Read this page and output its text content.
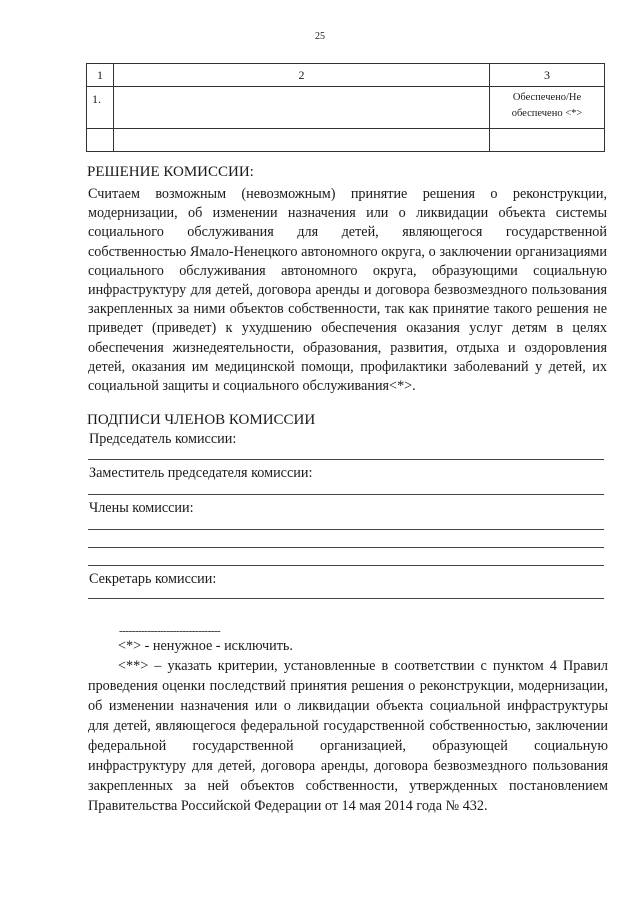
25
1	2	3
1.		Обеспечено/Не обеспечено <*>

РЕШЕНИЕ КОМИССИИ:
Считаем возможным (невозможным) принятие решения о реконструкции, модернизации, об изменении назначения или о ликвидации объекта системы социального обслуживания для детей, являющегося государственной собственностью Ямало-Ненецкого автономного округа, о заключении организациями социального обслуживания автономного округа, образующими социальную инфраструктуру для детей, договора аренды и договора безвозмездного пользования закрепленных за ними объектов собственности, так как принятие такого решения не приведет (приведет) к ухудшению обеспечения оказания услуг детям в целях обеспечения жизнедеятельности, образования, развития, отдыха и оздоровления детей, оказания им медицинской помощи, профилактики заболеваний у детей, их социальной защиты и социального обслуживания<*>.
ПОДПИСИ ЧЛЕНОВ КОМИССИИ
Председатель комиссии:
Заместитель председателя комиссии:
Члены комиссии:
Секретарь комиссии:
--------------------------------
<*> - ненужное - исключить.
<**> – указать критерии, установленные в соответствии с пунктом 4 Правил проведения оценки последствий принятия решения о реконструкции, модернизации, об изменении назначения или о ликвидации объекта социальной инфраструктуры для детей, являющегося федеральной государственной собственностью, заключении федеральной государственной организацией, образующей социальную инфраструктуру для детей, договора аренды, договора безвозмездного пользования закрепленных за ней объектов собственности, утвержденных постановлением Правительства Российской Федерации от 14 мая 2014 года № 432.
